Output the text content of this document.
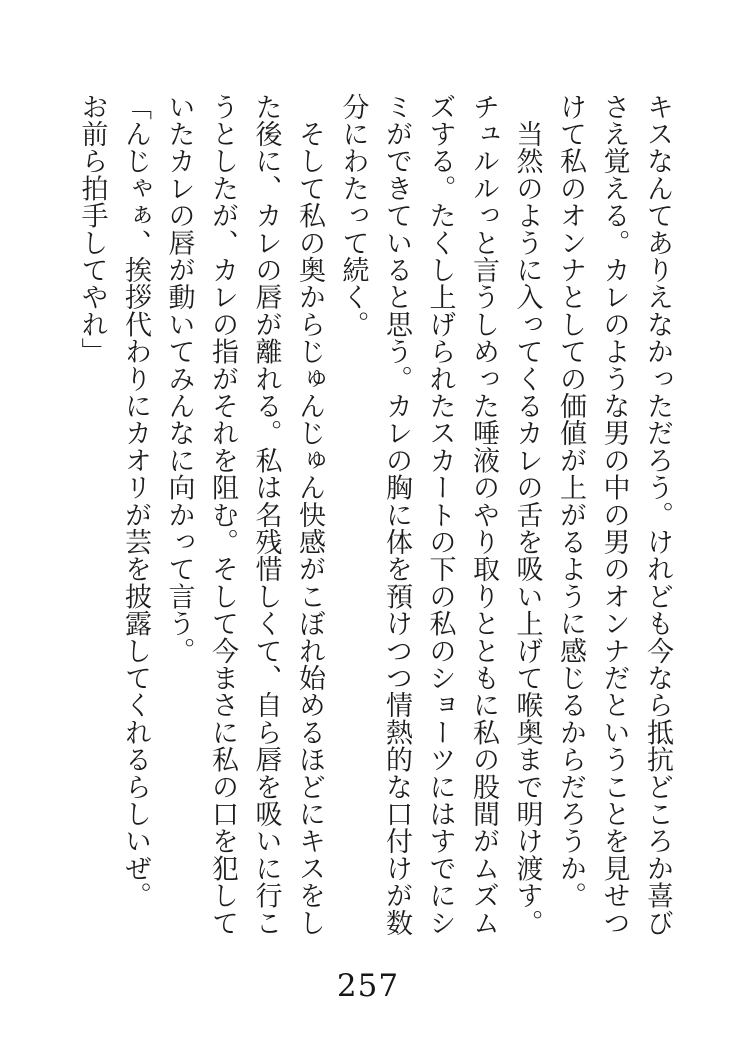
キスなんてありえなかっただろう。けれども今なら抵抗どころか喜び

さえ覚える。カレのような男の中の男のオンナだということを見せつ

けて私のオンナとしての価値が上がるように感じるからだろうか。

　当然のように入ってくるカレの舌を吸い上げて喉奥まで明け渡す。

チュルルっと言うしめった唾液のやり取りとともに私の股間がムズム

ズする。たくし上げられたスカートの下の私のショーツにはすでにシ

ミができていると思う。カレの胸に体を預けつつ情熱的な口付けが数

分にわたって続く。

　そして私の奥からじゅんじゅん快感がこぼれ始めるほどにキスをし

た後に、カレの唇が離れる。私は名残惜しくて、自ら唇を吸いに行こ

うとしたが、カレの指がそれを阻む。そして今まさに私の口を犯して

いたカレの唇が動いてみんなに向かって言う。

「んじゃぁ、挨拶代わりにカオリが芸を披露してくれるらしいぜ。

お前ら拍手してやれ」

257
